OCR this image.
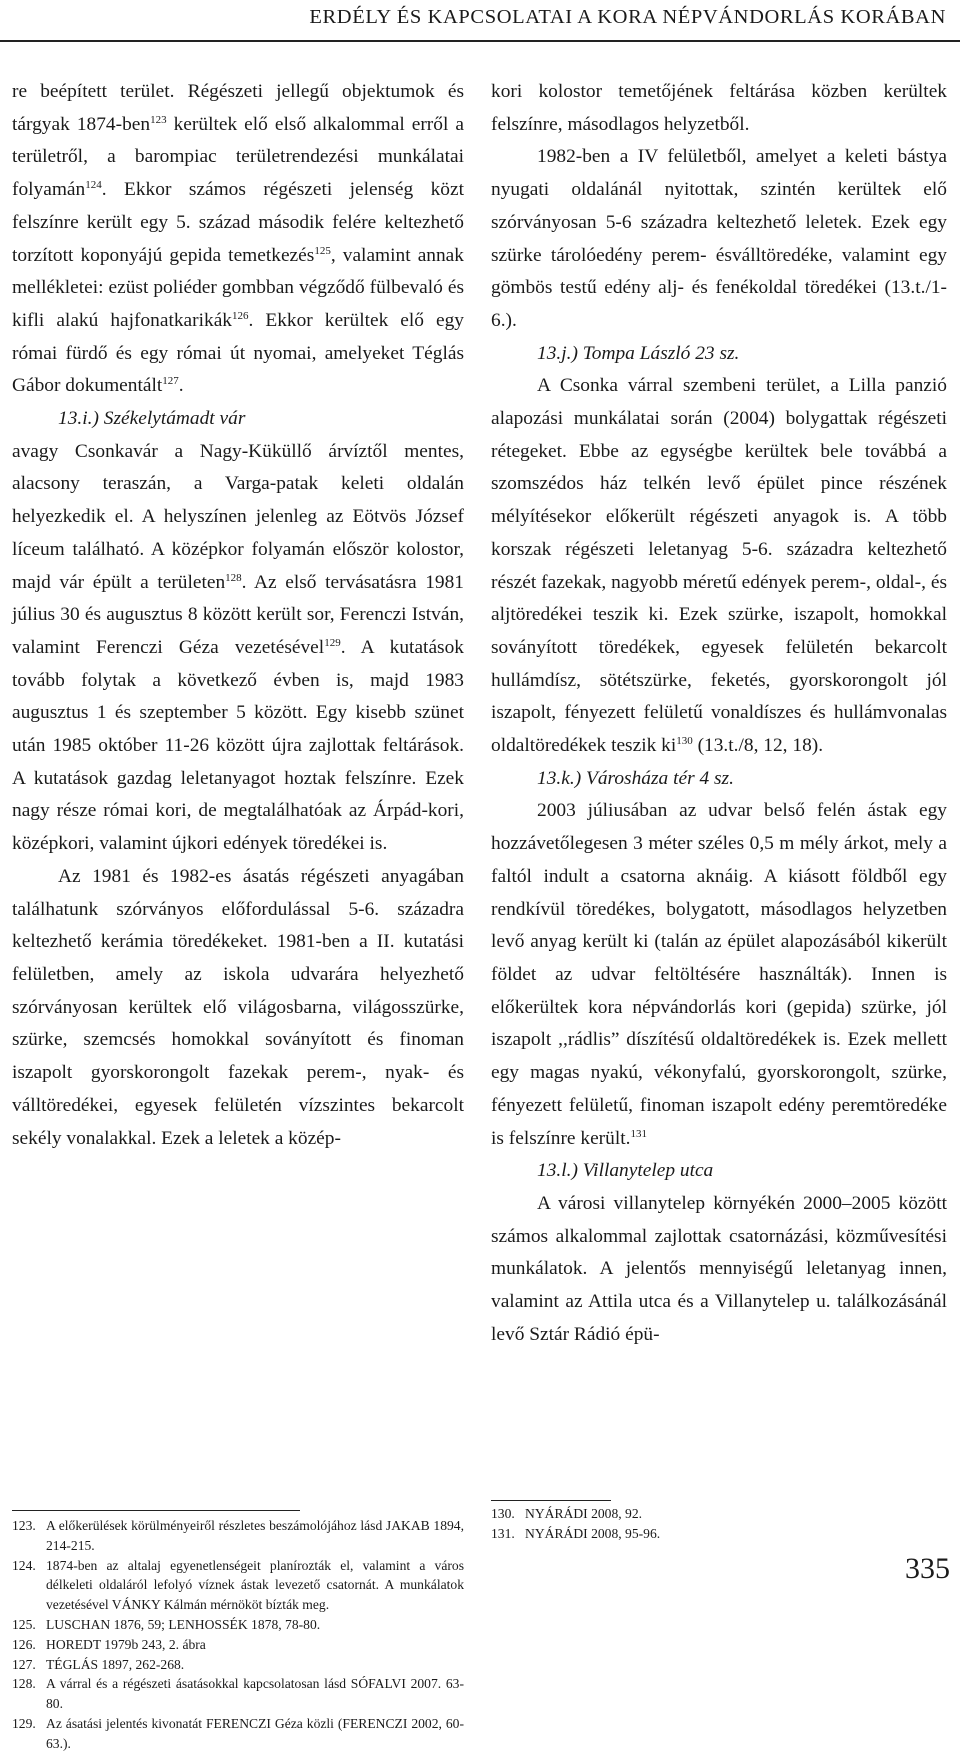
ERDÉLY ÉS KAPCSOLATAI A KORA NÉPVÁNDORLÁS KORÁBAN

re beépített terület. Régészeti jellegű objektumok és tárgyak 1874-ben$^{123}$ kerültek elő első alkalommal erről a területről, a barompiac területrendezési munkálatai folyamán$^{124}$. Ekkor számos régészeti jelenség közt felszínre került egy 5. század második felére keltezhető torzított koponyájú gepida temetkezés$^{125}$, valamint annak mellékletei: ezüst poliéder gombban végződő fülbevaló és kifli alakú hajfonatkarikák$^{126}$. Ekkor kerültek elő egy római fürdő és egy római út nyomai, amelyeket Téglás Gábor dokumentált$^{127}$.

13.i.) Székelytámadt vár

avagy Csonkavár a Nagy-Küküllő árvíztől mentes, alacsony teraszán, a Varga-patak keleti oldalán helyezkedik el. A helyszínen jelenleg az Eötvös József líceum található. A középkor folyamán először kolostor, majd vár épült a területen$^{128}$. Az első tervásatásra 1981 július 30 és augusztus 8 között került sor, Ferenczi István, valamint Ferenczi Géza vezetésével$^{129}$. A kutatások tovább folytak a következő évben is, majd 1983 augusztus 1 és szeptember 5 között. Egy kisebb szünet után 1985 október 11-26 között újra zajlottak feltárások. A kutatások gazdag leletanyagot hoztak felszínre. Ezek nagy része római kori, de megtalálhatóak az Árpád-kori, középkori, valamint újkori edények töredékei is.

Az 1981 és 1982-es ásatás régészeti anyagában találhatunk szórványos előfordulással 5-6. századra keltezhető kerámia töredékeket. 1981-ben a II. kutatási felületben, amely az iskola udvarára helyezhető szórványosan kerültek elő világosbarna, világosszürke, szürke, szemcsés homokkal soványított és finoman iszapolt gyorskorongolt fazekak perem-, nyak- és válltöredékei, egyesek felületén vízszintes bekarcolt sekély vonalakkal. Ezek a leletek a közép-

kori kolostor temetőjének feltárása közben kerültek felszínre, másodlagos helyzetből.

1982-ben a IV felületből, amelyet a keleti bástya nyugati oldalánál nyitottak, szintén kerültek elő szórványosan 5-6 századra keltezhető leletek. Ezek egy szürke tárolóedény perem- ésválltöredéke, valamint egy gömbös testű edény alj- és fenékoldal töredékei (13.t./1-6.).

13.j.) Tompa László 23 sz.

A Csonka várral szembeni terület, a Lilla panzió alapozási munkálatai során (2004) bolygattak régészeti rétegeket. Ebbe az egységbe kerültek bele továbbá a szomszédos ház telkén levő épület pince részének mélyítésekor előkerült régészeti anyagok is. A több korszak régészeti leletanyag 5-6. századra keltezhető részét fazekak, nagyobb méretű edények perem-, oldal-, és aljtöredékei teszik ki. Ezek szürke, iszapolt, homokkal soványított töredékek, egyesek felületén bekarcolt hullámdísz, sötétszürke, feketés, gyorskorongolt jól iszapolt, fényezett felületű vonaldíszes és hullámvonalas oldaltöredékek teszik $ki^{130}$ (13.t./8, 12, 18).

13.k.) Városháza tér 4 sz.

2003 júliusában az udvar belső felén ástak egy hozzávetőlegesen 3 méter széles 0,5 m mély árkot, mely a faltól indult a csatorna aknáig. A kiásott földből egy rendkívül töredékes, bolygatott, másodlagos helyzetben levő anyag került ki (talán az épület alapozásából kikerült földet az udvar feltöltésére használták). Innen is előkerültek kora népvándorlás kori (gepida) szürke, jól iszapolt ,,rádlis” díszítésű oldaltöredékek is. Ezek mellett egy magas nyakú, vékonyfalú, gyorskorongolt, szürke, fényezett felületű, finoman iszapolt edény peremtöredéke is felszínre került.$^{131}$

13.l.) Villanytelep utca

A városi villanytelep környékén 2000–2005 között számos alkalommal zajlottak csatornázási, közművesítési munkálatok. A jelentős mennyiségű leletanyag innen, valamint az Attila utca és a Villanytelep u. találkozásánál levő Sztár Rádió épü-

123. A előkerülések körülményeiről részletes beszámolójához lásd JAKAB 1894, 214-215.
124. 1874-ben az altalaj egyenetlenségeit planírozták el, valamint a város délkeleti oldaláról lefolyó víznek ástak levezető csatornát. A munkálatok vezetésével VÁNKY Kálmán mérnököt bízták meg.
125. LUSCHAN 1876, 59; LENHOSSÉK 1878, 78-80.
126. HOREDT 1979b 243, 2. ábra
127. TÉGLÁS 1897, 262-268.
128. A várral és a régészeti ásatásokkal kapcsolatosan lásd SÓFALVI 2007. 63-80.
129. Az ásatási jelentés kivonatát FERENCZI Géza közli (FERENCZI 2002, 60-63.).
130. NYÁRÁDI 2008, 92.
131. NYÁRÁDI 2008, 95-96.
335
